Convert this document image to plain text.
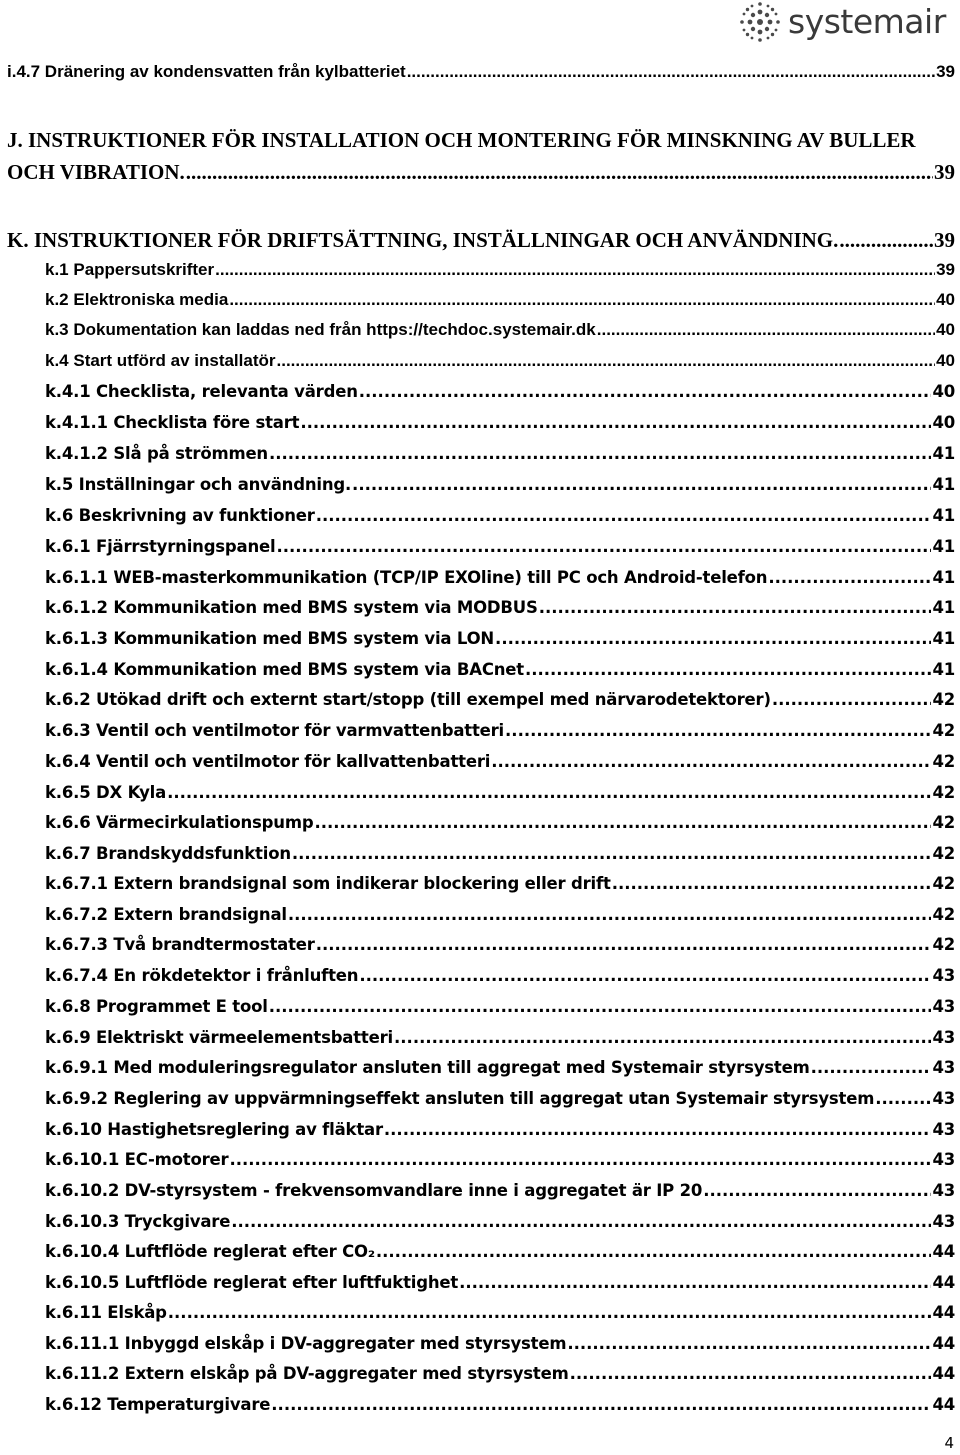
systemair
i.4.7 Dränering av kondensvatten från kylbatteriet .....	39
J. INSTRUKTIONER FÖR INSTALLATION OCH MONTERING FÖR MINSKNING AV BULLER
OCH VIBRATION. .....	39
K. INSTRUKTIONER FÖR DRIFTSÄTTNING, INSTÄLLNINGAR OCH ANVÄNDNING. .....	39
k.1 Pappersutskrifter .....	39
k.2 Elektroniska media .....	40
k.3 Dokumentation kan laddas ned från https://techdoc.systemair.dk .....	40
k.4 Start utförd av installatör .....	40
k.4.1 Checklista, relevanta värden .....	40
k.4.1.1 Checklista före start .....	40
k.4.1.2 Slå på strömmen .....	41
k.5 Inställningar och användning. .....	41
k.6 Beskrivning av funktioner .....	41
k.6.1 Fjärrstyrningspanel .....	41
k.6.1.1 WEB-masterkommunikation (TCP/IP EXOline) till PC och Android-telefon .....	41
k.6.1.2 Kommunikation med BMS system via MODBUS .....	41
k.6.1.3 Kommunikation med BMS system via LON .....	41
k.6.1.4 Kommunikation med BMS system via BACnet .....	41
k.6.2 Utökad drift och externt start/stopp (till exempel med närvarodetektorer) .....	42
k.6.3 Ventil och ventilmotor för varmvattenbatteri .....	42
k.6.4 Ventil och ventilmotor för kallvattenbatteri .....	42
k.6.5 DX Kyla .....	42
k.6.6 Värmecirkulationspump .....	42
k.6.7 Brandskyddsfunktion .....	42
k.6.7.1 Extern brandsignal som indikerar blockering eller drift .....	42
k.6.7.2 Extern brandsignal .....	42
k.6.7.3 Två brandtermostater .....	42
k.6.7.4 En rökdetektor i frånluften .....	43
k.6.8 Programmet E tool .....	43
k.6.9 Elektriskt värmeelementsbatteri .....	43
k.6.9.1 Med moduleringsregulator ansluten till aggregat med Systemair styrsystem .....	43
k.6.9.2 Reglering av uppvärmningseffekt ansluten till aggregat utan Systemair styrsystem .....	43
k.6.10 Hastighetsreglering av fläktar .....	43
k.6.10.1 EC-motorer .....	43
k.6.10.2 DV-styrsystem - frekvensomvandlare inne i aggregatet är IP 20 .....	43
k.6.10.3 Tryckgivare .....	43
k.6.10.4 Luftflöde reglerat efter CO₂ .....	44
k.6.10.5 Luftflöde reglerat efter luftfuktighet .....	44
k.6.11 Elskåp .....	44
k.6.11.1 Inbyggd elskåp i DV-aggregater med styrsystem .....	44
k.6.11.2 Extern elskåp på DV-aggregater med styrsystem .....	44
k.6.12 Temperaturgivare .....	44
4
